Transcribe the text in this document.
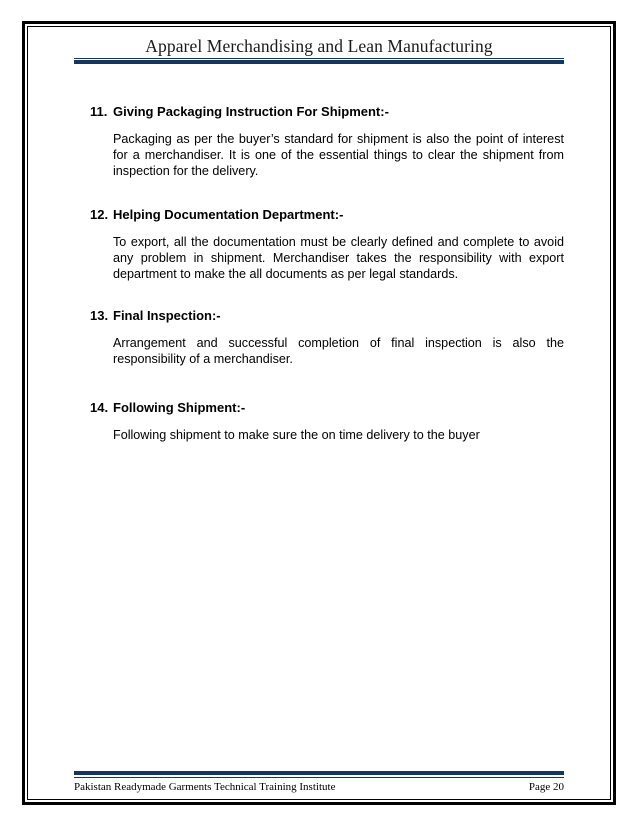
Apparel Merchandising and Lean Manufacturing
11. Giving Packaging Instruction For Shipment:-
Packaging as per the buyer’s standard for shipment is also the point of interest for a merchandiser. It is one of the essential things to clear the shipment from inspection for the delivery.
12. Helping Documentation Department:-
To export, all the documentation must be clearly defined and complete to avoid any problem in shipment. Merchandiser takes the responsibility with export department to make the all documents as per legal standards.
13. Final Inspection:-
Arrangement and successful completion of final inspection is also the responsibility of a merchandiser.
14. Following Shipment:-
Following shipment to make sure the on time delivery to the buyer
Pakistan Readymade Garments Technical Training Institute	Page 20
